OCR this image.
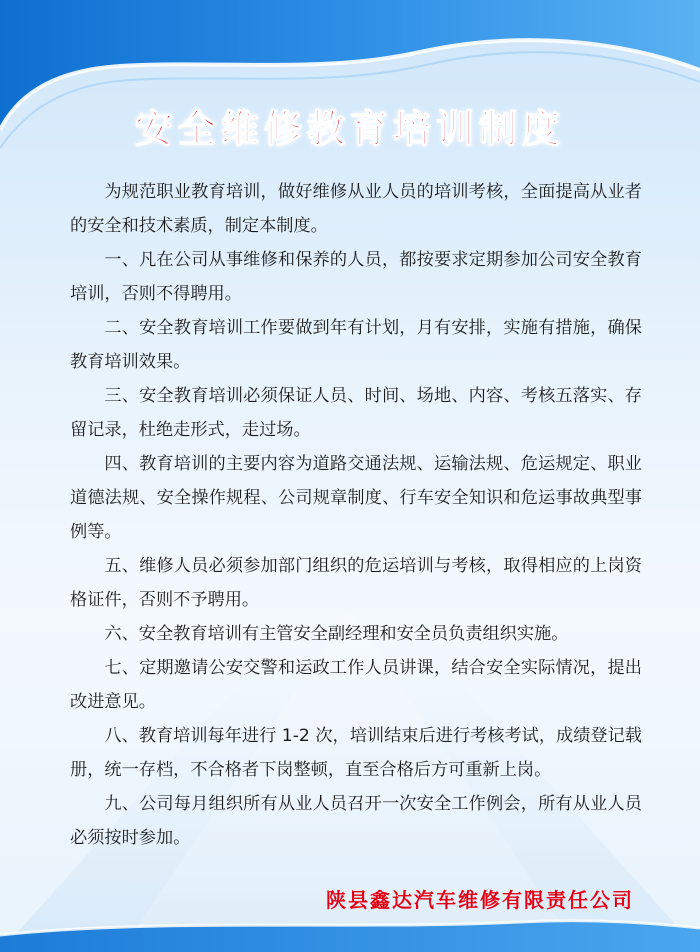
安全维修教育培训制度

为规范职业教育培训，做好维修从业人员的培训考核，全面提高从业者的安全和技术素质，制定本制度。

一、凡在公司从事维修和保养的人员，都按要求定期参加公司安全教育培训，否则不得聘用。

二、安全教育培训工作要做到年有计划，月有安排，实施有措施，确保教育培训效果。

三、安全教育培训必须保证人员、时间、场地、内容、考核五落实、存留记录，杜绝走形式，走过场。

四、教育培训的主要内容为道路交通法规、运输法规、危运规定、职业道德法规、安全操作规程、公司规章制度、行车安全知识和危运事故典型事例等。

五、维修人员必须参加部门组织的危运培训与考核，取得相应的上岗资格证件，否则不予聘用。

六、安全教育培训有主管安全副经理和安全员负责组织实施。

七、定期邀请公安交警和运政工作人员讲课，结合安全实际情况，提出改进意见。

八、教育培训每年进行 1-2 次，培训结束后进行考核考试，成绩登记载册，统一存档，不合格者下岗整顿，直至合格后方可重新上岗。

九、公司每月组织所有从业人员召开一次安全工作例会，所有从业人员必须按时参加。

陕县鑫达汽车维修有限责任公司
